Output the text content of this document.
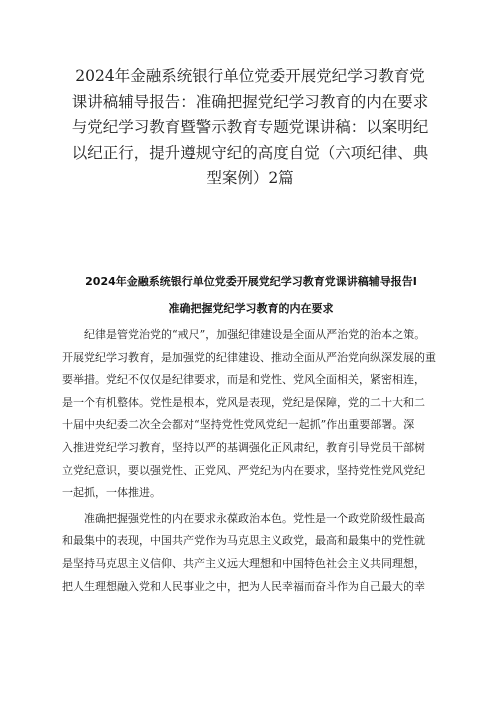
2024年金融系统银行单位党委开展党纪学习教育党
课讲稿辅导报告：准确把握党纪学习教育的内在要求
与党纪学习教育暨警示教育专题党课讲稿：以案明纪
以纪正行，提升遵规守纪的高度自觉（六项纪律、典
型案例）2篇
2024年金融系统银行单位党委开展党纪学习教育党课讲稿辅导报告I
准确把握党纪学习教育的内在要求

纪律是管党治党的“戒尺”，加强纪律建设是全面从严治党的治本之策。
开展党纪学习教育，是加强党的纪律建设、推动全面从严治党向纵深发展的重
要举措。党纪不仅仅是纪律要求，而是和党性、党风全面相关，紧密相连，
是一个有机整体。党性是根本，党风是表现，党纪是保障，党的二十大和二
十届中央纪委二次全会都对“坚持党性党风党纪一起抓”作出重要部署。深
入推进党纪学习教育，坚持以严的基调强化正风肃纪，教育引导党员干部树
立党纪意识，要以强党性、正党风、严党纪为内在要求，坚持党性党风党纪
一起抓，一体推进。

准确把握强党性的内在要求永葆政治本色。党性是一个政党阶级性最高
和最集中的表现，中国共产党作为马克思主义政党，最高和最集中的党性就
是坚持马克思主义信仰、共产主义远大理想和中国特色社会主义共同理想，
把人生理想融入党和人民事业之中，把为人民幸福而奋斗作为自己最大的幸
